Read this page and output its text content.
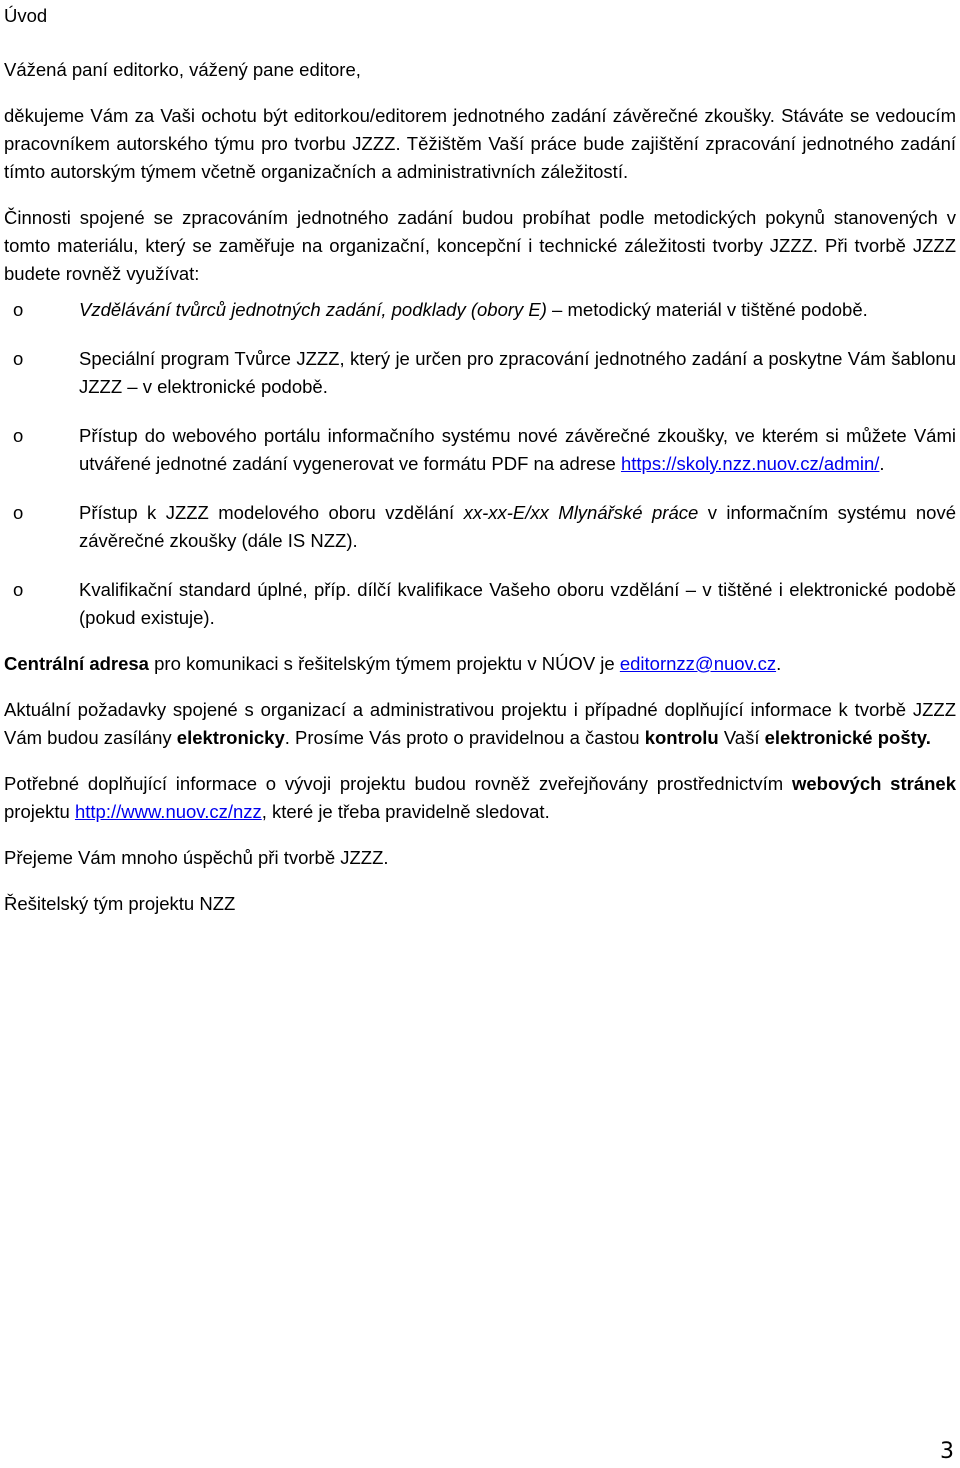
Úvod

Vážená paní editorko, vážený pane editore,

děkujeme Vám za Vaši ochotu být editorkou/editorem jednotného zadání závěrečné zkoušky. Stáváte se vedoucím pracovníkem autorského týmu pro tvorbu JZZZ. Těžištěm Vaší práce bude zajištění zpracování jednotného zadání tímto autorským týmem včetně organizačních a administrativních záležitostí.

Činnosti spojené se zpracováním jednotného zadání budou probíhat podle metodických pokynů stanovených v tomto materiálu, který se zaměřuje na organizační, koncepční i technické záležitosti tvorby JZZZ. Při tvorbě JZZZ budete rovněž využívat:

o	Vzdělávání tvůrců jednotných zadání, podklady (obory E) – metodický materiál v tištěné podobě.
o	Speciální program Tvůrce JZZZ, který je určen pro zpracování jednotného zadání a poskytne Vám šablonu JZZZ – v elektronické podobě.
o	Přístup do webového portálu informačního systému nové závěrečné zkoušky, ve kterém si můžete Vámi utvářené jednotné zadání vygenerovat ve formátu PDF na adrese https://skoly.nzz.nuov.cz/admin/.
o	Přístup k JZZZ modelového oboru vzdělání xx-xx-E/xx Mlynářské práce v informačním systému nové závěrečné zkoušky (dále IS NZZ).
o	Kvalifikační standard úplné, příp. dílčí kvalifikace Vašeho oboru vzdělání – v tištěné i elektronické podobě (pokud existuje).

Centrální adresa pro komunikaci s řešitelským týmem projektu v NÚOV je editornzz@nuov.cz.

Aktuální požadavky spojené s organizací a administrativou projektu i případné doplňující informace k tvorbě JZZZ Vám budou zasílány elektronicky. Prosíme Vás proto o pravidelnou a častou kontrolu Vaší elektronické pošty.

Potřebné doplňující informace o vývoji projektu budou rovněž zveřejňovány prostřednictvím webových stránek projektu http://www.nuov.cz/nzz, které je třeba pravidelně sledovat.

Přejeme Vám mnoho úspěchů při tvorbě JZZZ.

Řešitelský tým projektu NZZ

3
